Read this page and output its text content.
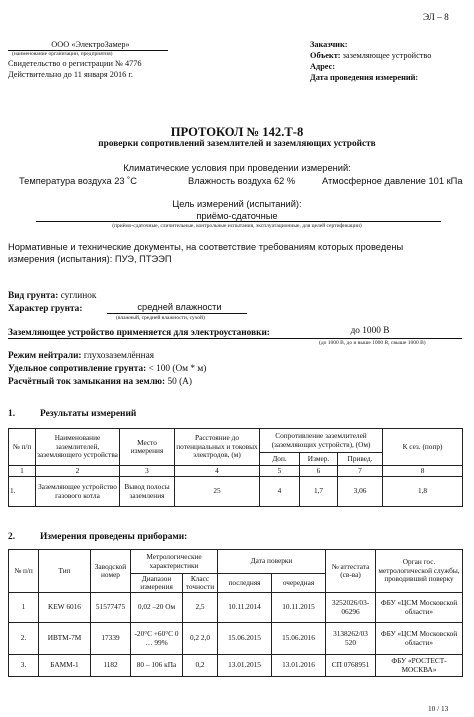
ЭЛ – 8
ООО «ЭлектроЗамер»
(наименование организации, предприятия)
Свидетельство о регистрации № 4776
Действительно до 11 января 2016 г.
Заказчик:
Объект: заземляющее устройство
Адрес:
Дата проведения измерений:
ПРОТОКОЛ № 142.Т-8
проверки сопротивлений заземлителей и заземляющих устройств
Климатические условия при проведении измерений:
Температура воздуха 23 ˚С	Влажность воздуха 62 %	Атмосферное давление 101 кПа
Цель измерений (испытаний):
приёмо-сдаточные
(приёмо-сдаточные, сличительные, контрольные испытания, эксплуатационные, для целей сертификации)
Нормативные и технические документы, на соответствие требованиям которых проведены
измерения (испытания): ПУЭ, ПТЭЭП
Вид грунта: суглинок
Характер грунта:	средней влажности
(влажный, средней влажности, сухой)
Заземляющее устройство применяется для электроустановки:	до 1000 В
(до 1000 В, до и выше 1000 В, свыше 1000 В)
Режим нейтрали: глухозаземлённая
Удельное сопротивление грунта: < 100 (Ом * м)
Расчётный ток замыкания на землю: 50 (А)
1.	Результаты измерений
№ п/п	Наименование заземлителей, заземляющего устройства	Место измерения	Расстояние до потенциальных и токовых электродов, (м)	Сопротивление заземлителей (заземляющих устройств), (Ом)			К сез. (попр)
				Доп.	Измер.	Привед.	
1	2	3	4	5	6	7	8
1.	Заземляющее устройство газового котла	Вывод полосы заземления	25	4	1,7	3,06	1,8
2.	Измерения проведены приборами:
№ п/п	Тип	Заводской номер	Метрологические характеристики		Дата поверки		№ аттестата (св-ва)	Орган гос. метрологической службы, проводивший поверку
			Диапазон измерения	Класс точности	последняя	очередная		
1	KEW 6016	51577475	0,02 –20 Ом	2,5	10.11.2014	10.11.2015	3252026/03-06296	ФБУ «ЦСМ Московской области»
2.	ИВТМ-7М	17339	-20°С +60°С 0 … 99%	0,2 2,0	15.06.2015	15.06.2016	3138262/03 520	ФБУ «ЦСМ Московской области»
3.	БАММ-1	1182	80 – 106 кПа	0,2	13.01.2015	13.01.2016	СП 0768951	ФБУ «РОСТЕСТ-МОСКВА»
10 / 13
